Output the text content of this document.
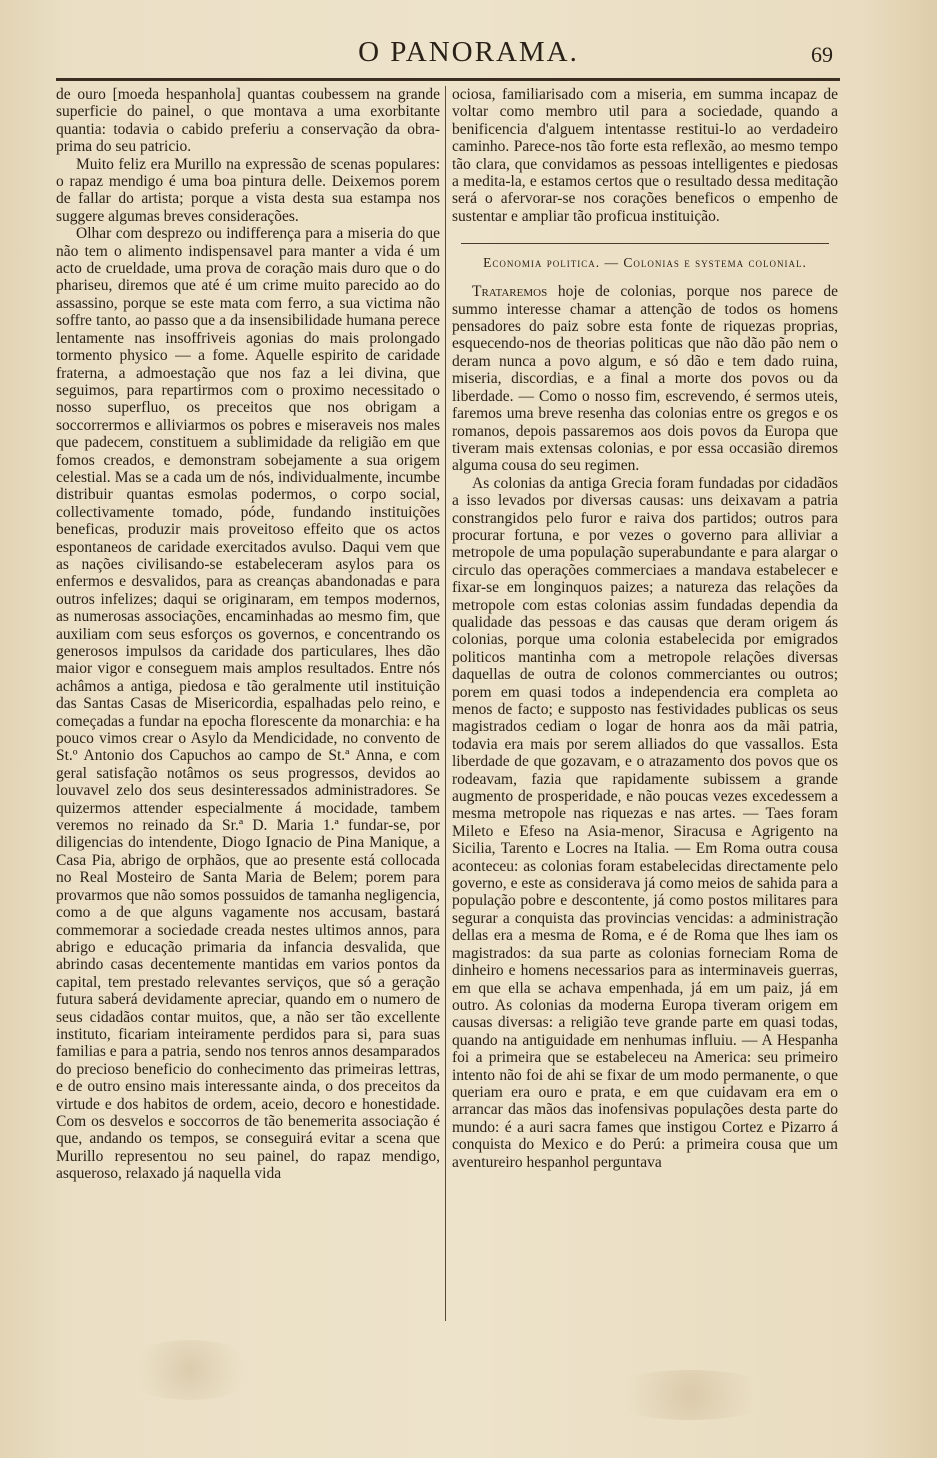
O PANORAMA.	69

de ouro [moeda hespanhola] quantas coubessem na grande superficie do painel, o que montava a uma exorbitante quantia: todavia o cabido preferiu a conservação da obra-prima do seu patricio.

Muito feliz era Murillo na expressão de scenas populares: o rapaz mendigo é uma boa pintura delle. Deixemos porem de fallar do artista; porque a vista desta sua estampa nos suggere algumas breves considerações.

Olhar com desprezo ou indifferença para a miseria do que não tem o alimento indispensavel para manter a vida é um acto de crueldade, uma prova de coração mais duro que o do phariseu, diremos que até é um crime muito parecido ao do assassino, porque se este mata com ferro, a sua victima não soffre tanto, ao passo que a da insensibilidade humana perece lentamente nas insoffriveis agonias do mais prolongado tormento physico — a fome. Aquelle espirito de caridade fraterna, a admoestação que nos faz a lei divina, que seguimos, para repartirmos com o proximo necessitado o nosso superfluo, os preceitos que nos obrigam a soccorrermos e alliviarmos os pobres e miseraveis nos males que padecem, constituem a sublimidade da religião em que fomos creados, e demonstram sobejamente a sua origem celestial. Mas se a cada um de nós, individualmente, incumbe distribuir quantas esmolas podermos, o corpo social, collectivamente tomado, póde, fundando instituições beneficas, produzir mais proveitoso effeito que os actos espontaneos de caridade exercitados avulso. Daqui vem que as nações civilisando-se estabeleceram asylos para os enfermos e desvalidos, para as creanças abandonadas e para outros infelizes; daqui se originaram, em tempos modernos, as numerosas associações, encaminhadas ao mesmo fim, que auxiliam com seus esforços os governos, e concentrando os generosos impulsos da caridade dos particulares, lhes dão maior vigor e conseguem mais amplos resultados. Entre nós achâmos a antiga, piedosa e tão geralmente util instituição das Santas Casas de Misericordia, espalhadas pelo reino, e começadas a fundar na epocha florescente da monarchia: e ha pouco vimos crear o Asylo da Mendicidade, no convento de St.º Antonio dos Capuchos ao campo de St.ª Anna, e com geral satisfação notâmos os seus progressos, devidos ao louvavel zelo dos seus desinteressados administradores. Se quizermos attender especialmente á mocidade, tambem veremos no reinado da Sr.ª D. Maria 1.ª fundar-se, por diligencias do intendente, Diogo Ignacio de Pina Manique, a Casa Pia, abrigo de orphãos, que ao presente está collocada no Real Mosteiro de Santa Maria de Belem; porem para provarmos que não somos possuidos de tamanha negligencia, como a de que alguns vagamente nos accusam, bastará commemorar a sociedade creada nestes ultimos annos, para abrigo e educação primaria da infancia desvalida, que abrindo casas decentemente mantidas em varios pontos da capital, tem prestado relevantes serviços, que só a geração futura saberá devidamente apreciar, quando em o numero de seus cidadãos contar muitos, que, a não ser tão excellente instituto, ficariam inteiramente perdidos para si, para suas familias e para a patria, sendo nos tenros annos desamparados do precioso beneficio do conhecimento das primeiras lettras, e de outro ensino mais interessante ainda, o dos preceitos da virtude e dos habitos de ordem, aceio, decoro e honestidade. Com os desvelos e soccorros de tão benemerita associação é que, andando os tempos, se conseguirá evitar a scena que Murillo representou no seu painel, do rapaz mendigo, asqueroso, relaxado já naquella vida

ociosa, familiarisado com a miseria, em summa incapaz de voltar como membro util para a sociedade, quando a benificencia d'alguem intentasse restitui-lo ao verdadeiro caminho. Parece-nos tão forte esta reflexão, ao mesmo tempo tão clara, que convidamos as pessoas intelligentes e piedosas a medita-la, e estamos certos que o resultado dessa meditação será o afervorar-se nos corações beneficos o empenho de sustentar e ampliar tão proficua instituição.

Economia politica. — Colonias e systema colonial.

Trataremos hoje de colonias, porque nos parece de summo interesse chamar a attenção de todos os homens pensadores do paiz sobre esta fonte de riquezas proprias, esquecendo-nos de theorias politicas que não dão pão nem o deram nunca a povo algum, e só dão e tem dado ruina, miseria, discordias, e a final a morte dos povos ou da liberdade. — Como o nosso fim, escrevendo, é sermos uteis, faremos uma breve resenha das colonias entre os gregos e os romanos, depois passaremos aos dois povos da Europa que tiveram mais extensas colonias, e por essa occasião diremos alguma cousa do seu regimen.

As colonias da antiga Grecia foram fundadas por cidadãos a isso levados por diversas causas: uns deixavam a patria constrangidos pelo furor e raiva dos partidos; outros para procurar fortuna, e por vezes o governo para alliviar a metropole de uma população superabundante e para alargar o circulo das operações commerciaes a mandava estabelecer e fixar-se em longinquos paizes; a natureza das relações da metropole com estas colonias assim fundadas dependia da qualidade das pessoas e das causas que deram origem ás colonias, porque uma colonia estabelecida por emigrados politicos mantinha com a metropole relações diversas daquellas de outra de colonos commerciantes ou outros; porem em quasi todos a independencia era completa ao menos de facto; e supposto nas festividades publicas os seus magistrados cediam o logar de honra aos da mãi patria, todavia era mais por serem alliados do que vassallos. Esta liberdade de que gozavam, e o atrazamento dos povos que os rodeavam, fazia que rapidamente subissem a grande augmento de prosperidade, e não poucas vezes excedessem a mesma metropole nas riquezas e nas artes. — Taes foram Mileto e Efeso na Asia-menor, Siracusa e Agrigento na Sicilia, Tarento e Locres na Italia. — Em Roma outra cousa aconteceu: as colonias foram estabelecidas directamente pelo governo, e este as considerava já como meios de sahida para a população pobre e descontente, já como postos militares para segurar a conquista das provincias vencidas: a administração dellas era a mesma de Roma, e é de Roma que lhes iam os magistrados: da sua parte as colonias forneciam Roma de dinheiro e homens necessarios para as interminaveis guerras, em que ella se achava empenhada, já em um paiz, já em outro. As colonias da moderna Europa tiveram origem em causas diversas: a religião teve grande parte em quasi todas, quando na antiguidade em nenhumas influiu. — A Hespanha foi a primeira que se estabeleceu na America: seu primeiro intento não foi de ahi se fixar de um modo permanente, o que queriam era ouro e prata, e em que cuidavam era em o arrancar das mãos das inofensivas populações desta parte do mundo: é a auri sacra fames que instigou Cortez e Pizarro á conquista do Mexico e do Perú: a primeira cousa que um aventureiro hespanhol perguntava
